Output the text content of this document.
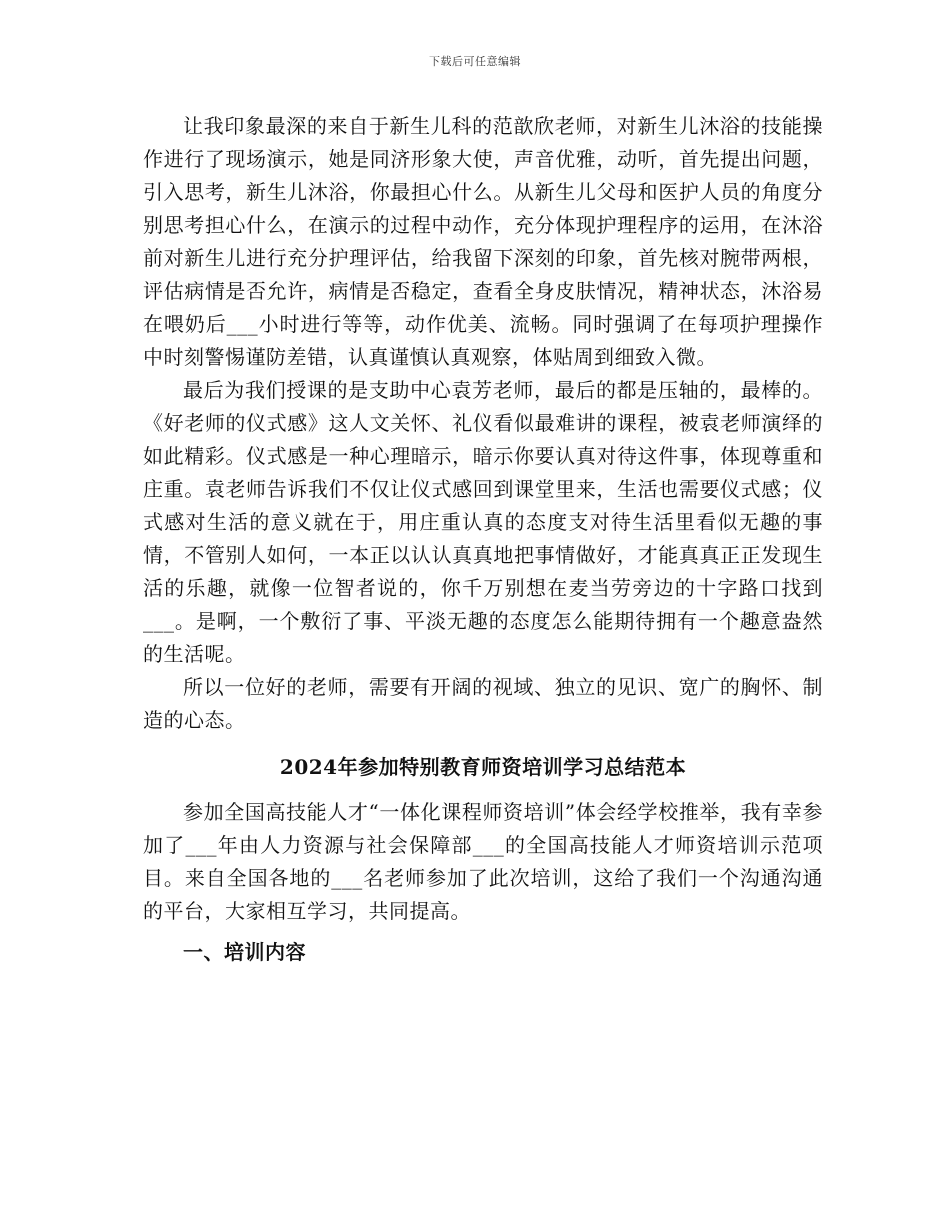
下载后可任意编辑

让我印象最深的来自于新生儿科的范歆欣老师，对新生儿沐浴的技能操作进行了现场演示，她是同济形象大使，声音优雅，动听，首先提出问题，引入思考，新生儿沐浴，你最担心什么。从新生儿父母和医护人员的角度分别思考担心什么，在演示的过程中动作，充分体现护理程序的运用，在沐浴前对新生儿进行充分护理评估，给我留下深刻的印象，首先核对腕带两根，评估病情是否允许，病情是否稳定，查看全身皮肤情况，精神状态，沐浴易在喂奶后___小时进行等等，动作优美、流畅。同时强调了在每项护理操作中时刻警惕谨防差错，认真谨慎认真观察，体贴周到细致入微。

最后为我们授课的是支助中心袁芳老师，最后的都是压轴的，最棒的。《好老师的仪式感》这人文关怀、礼仪看似最难讲的课程，被袁老师演绎的如此精彩。仪式感是一种心理暗示，暗示你要认真对待这件事，体现尊重和庄重。袁老师告诉我们不仅让仪式感回到课堂里来，生活也需要仪式感；仪式感对生活的意义就在于，用庄重认真的态度支对待生活里看似无趣的事情，不管别人如何，一本正以认认真真地把事情做好，才能真真正正发现生活的乐趣，就像一位智者说的，你千万别想在麦当劳旁边的十字路口找到___。是啊，一个敷衍了事、平淡无趣的态度怎么能期待拥有一个趣意盎然的生活呢。

所以一位好的老师，需要有开阔的视域、独立的见识、宽广的胸怀、制造的心态。

2024年参加特别教育师资培训学习总结范本

参加全国高技能人才“一体化课程师资培训”体会经学校推举，我有幸参加了___年由人力资源与社会保障部___的全国高技能人才师资培训示范项目。来自全国各地的___名老师参加了此次培训，这给了我们一个沟通沟通的平台，大家相互学习，共同提高。

一、培训内容
